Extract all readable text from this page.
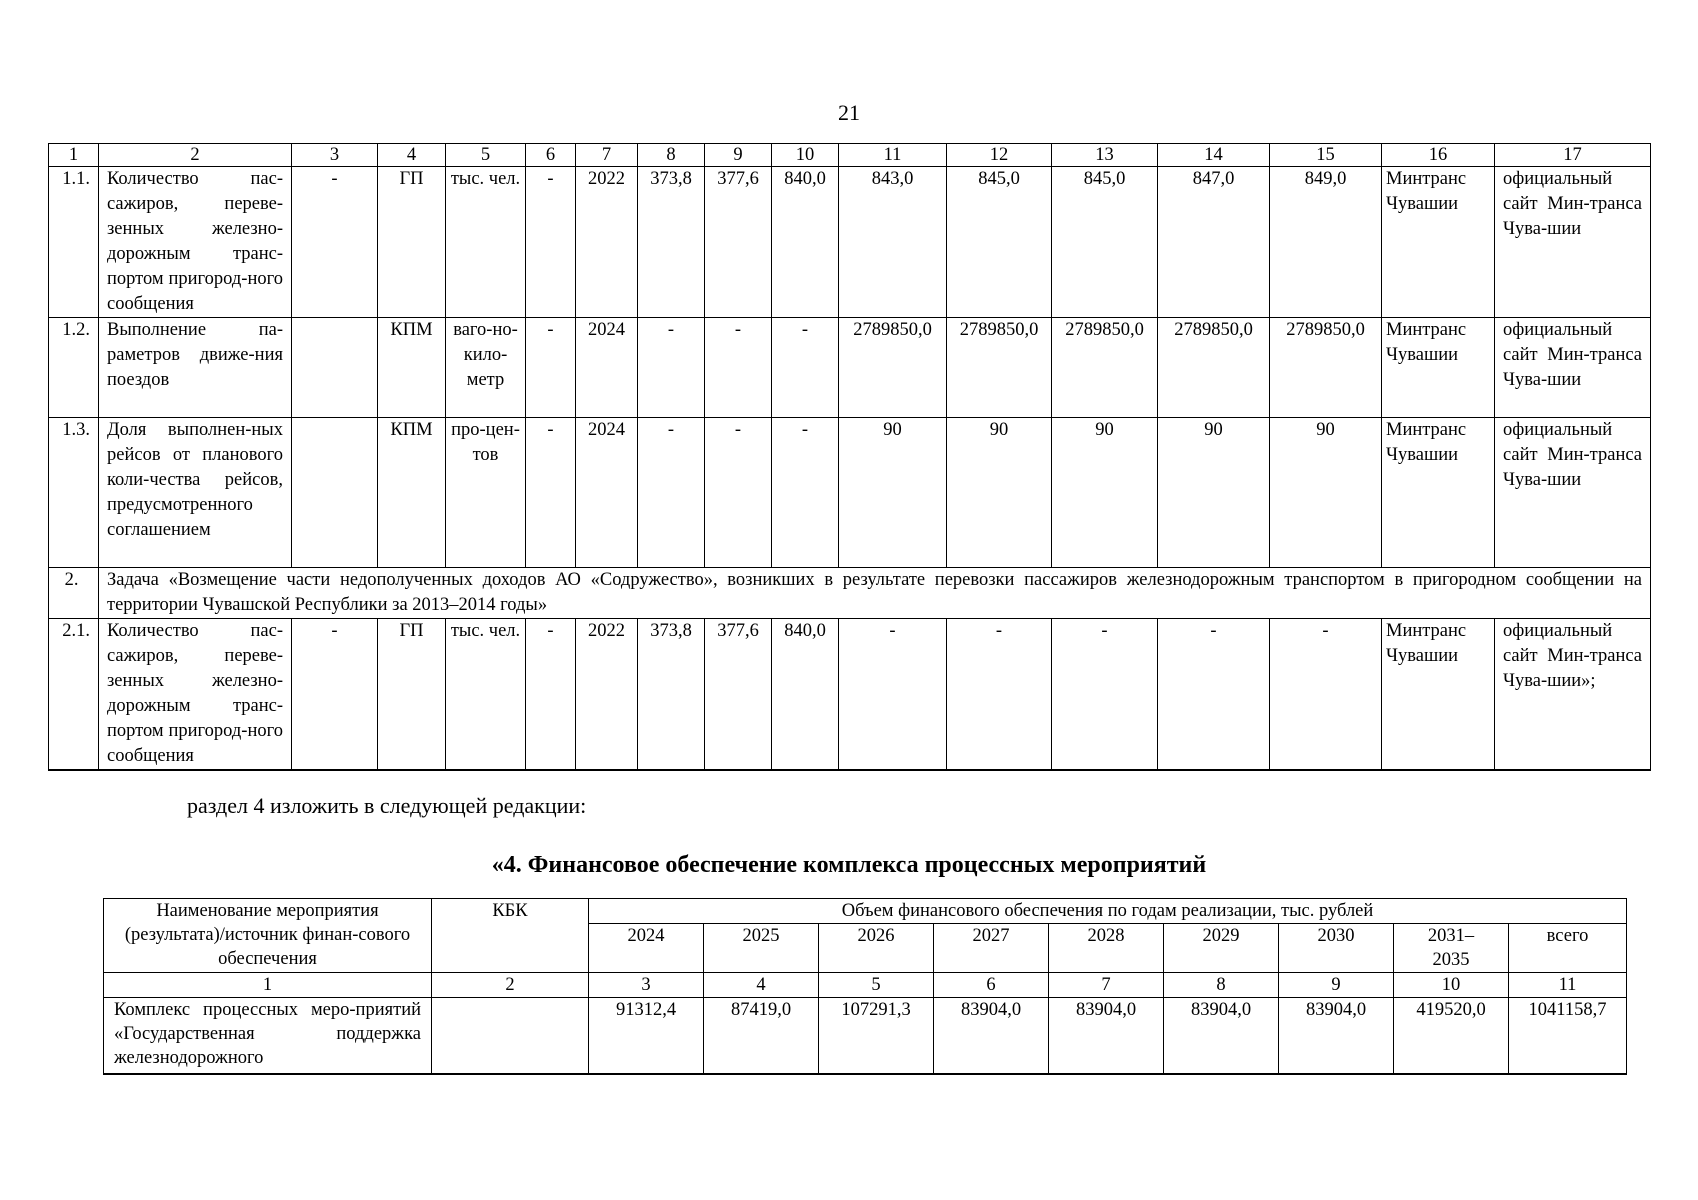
21
1	2	3	4	5	6	7	8	9	10	11	12	13	14	15	16	17
1.1.	Количество пас-сажиров, переве-зенных железно-дорожным транс-портом пригород-ного сообщения	-	ГП	тыс. чел.	-	2022	373,8	377,6	840,0	843,0	845,0	845,0	847,0	849,0	Минтранс Чувашии	официальный сайт Мин-транса Чува-шии
1.2.	Выполнение па-раметров движе-ния поездов		КПМ	ваго-но-кило-метр	-	2024	-	-	-	2789850,0	2789850,0	2789850,0	2789850,0	2789850,0	Минтранс Чувашии	официальный сайт Мин-транса Чува-шии
1.3.	Доля выполнен-ных рейсов от планового коли-чества рейсов, предусмотренного соглашением		КПМ	про-цен-тов	-	2024	-	-	-	90	90	90	90	90	Минтранс Чувашии	официальный сайт Мин-транса Чува-шии
2.	Задача «Возмещение части недополученных доходов АО «Содружество», возникших в результате перевозки пассажиров железнодорожным транспортом в пригородном сообщении на территории Чувашской Республики за 2013–2014 годы»															
2.1.	Количество пас-сажиров, переве-зенных железно-дорожным транс-портом пригород-ного сообщения	-	ГП	тыс. чел.	-	2022	373,8	377,6	840,0	-	-	-	-	-	Минтранс Чувашии	официальный сайт Мин-транса Чува-шии»;
раздел 4 изложить в следующей редакции:
«4. Финансовое обеспечение комплекса процессных мероприятий
Наименование мероприятия (результата)/источник финан-сового обеспечения	КБК	Объем финансового обеспечения по годам реализации, тыс. рублей								
		2024	2025	2026	2027	2028	2029	2030	2031–2035	всего
1	2	3	4	5	6	7	8	9	10	11
Комплекс процессных меро-приятий «Государственная поддержка железнодорожного		91312,4	87419,0	107291,3	83904,0	83904,0	83904,0	83904,0	419520,0	1041158,7
